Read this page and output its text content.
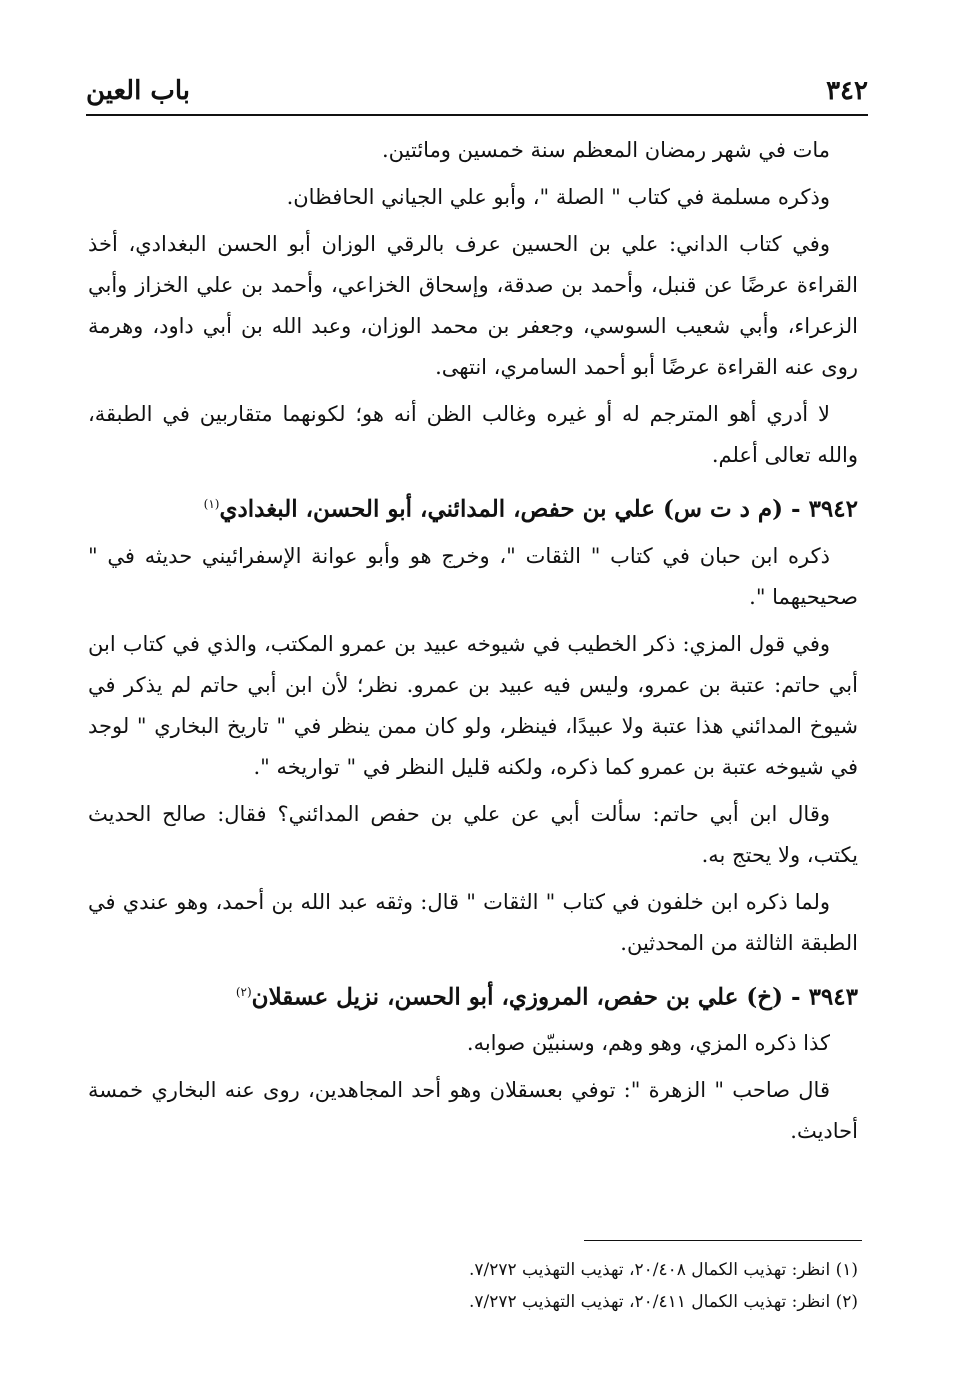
٣٤٢
باب العين

مات في شهر رمضان المعظم سنة خمسين ومائتين.

وذكره مسلمة في كتاب " الصلة "، وأبو علي الجياني الحافظان.

وفي كتاب الداني: علي بن الحسين عرف بالرقي الوزان أبو الحسن البغدادي، أخذ القراءة عرضًا عن قنبل، وأحمد بن صدقة، وإسحاق الخزاعي، وأحمد بن علي الخزاز وأبي الزعراء، وأبي شعيب السوسي، وجعفر بن محمد الوزان، وعبد الله بن أبي داود، وهرمة روى عنه القراءة عرضًا أبو أحمد السامري، انتهى.

لا أدري أهو المترجم له أو غيره وغالب الظن أنه هو؛ لكونهما متقاربين في الطبقة، والله تعالى أعلم.

٣٩٤٢ - (م د ت س) علي بن حفص، المدائني، أبو الحسن، البغدادي$^{(١)}$

ذكره ابن حبان في كتاب " الثقات "، وخرج هو وأبو عوانة الإسفرائيني حديثه في " صحيحيهما ".

وفي قول المزي: ذكر الخطيب في شيوخه عبيد بن عمرو المكتب، والذي في كتاب ابن أبي حاتم: عتبة بن عمرو، وليس فيه عبيد بن عمرو. نظر؛ لأن ابن أبي حاتم لم يذكر في شيوخ المدائني هذا عتبة ولا عبيدًا، فينظر، ولو كان ممن ينظر في " تاريخ البخاري " لوجد في شيوخه عتبة بن عمرو كما ذكره، ولكنه قليل النظر في " تواريخه ".

وقال ابن أبي حاتم: سألت أبي عن علي بن حفص المدائني؟ فقال: صالح الحديث يكتب، ولا يحتج به.

ولما ذكره ابن خلفون في كتاب " الثقات " قال: وثقه عبد الله بن أحمد، وهو عندي في الطبقة الثالثة من المحدثين.

٣٩٤٣ - (خ) علي بن حفص، المروزي، أبو الحسن، نزيل عسقلان$^{(٢)}$

كذا ذكره المزي، وهو وهم، وسنبيّن صوابه.

قال صاحب " الزهرة ": توفي بعسقلان وهو أحد المجاهدين، روى عنه البخاري خمسة أحاديث.

(١) انظر: تهذيب الكمال ٢٠/٤٠٨، تهذيب التهذيب ٧/٢٧٢.

(٢) انظر: تهذيب الكمال ٢٠/٤١١، تهذيب التهذيب ٧/٢٧٢.
